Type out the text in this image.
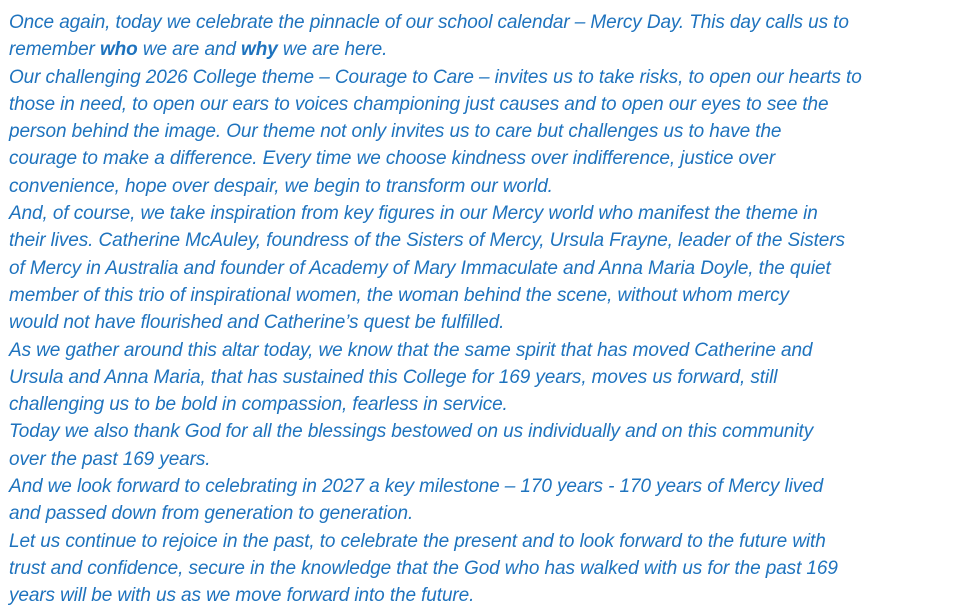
Once again, today we celebrate the pinnacle of our school calendar – Mercy Day. This day calls us to
remember who we are and why we are here.
Our challenging 2026 College theme – Courage to Care – invites us to take risks, to open our hearts to
those in need, to open our ears to voices championing just causes and to open our eyes to see the
person behind the image. Our theme not only invites us to care but challenges us to have the
courage to make a difference. Every time we choose kindness over indifference, justice over
convenience, hope over despair, we begin to transform our world.
And, of course, we take inspiration from key figures in our Mercy world who manifest the theme in
their lives. Catherine McAuley, foundress of the Sisters of Mercy, Ursula Frayne, leader of the Sisters
of Mercy in Australia and founder of Academy of Mary Immaculate and Anna Maria Doyle, the quiet
member of this trio of inspirational women, the woman behind the scene, without whom mercy
would not have flourished and Catherine’s quest be fulfilled.
As we gather around this altar today, we know that the same spirit that has moved Catherine and
Ursula and Anna Maria, that has sustained this College for 169 years, moves us forward, still
challenging us to be bold in compassion, fearless in service.
Today we also thank God for all the blessings bestowed on us individually and on this community
over the past 169 years.
And we look forward to celebrating in 2027 a key milestone – 170 years - 170 years of Mercy lived
and passed down from generation to generation.
Let us continue to rejoice in the past, to celebrate the present and to look forward to the future with
trust and confidence, secure in the knowledge that the God who has walked with us for the past 169
years will be with us as we move forward into the future.
